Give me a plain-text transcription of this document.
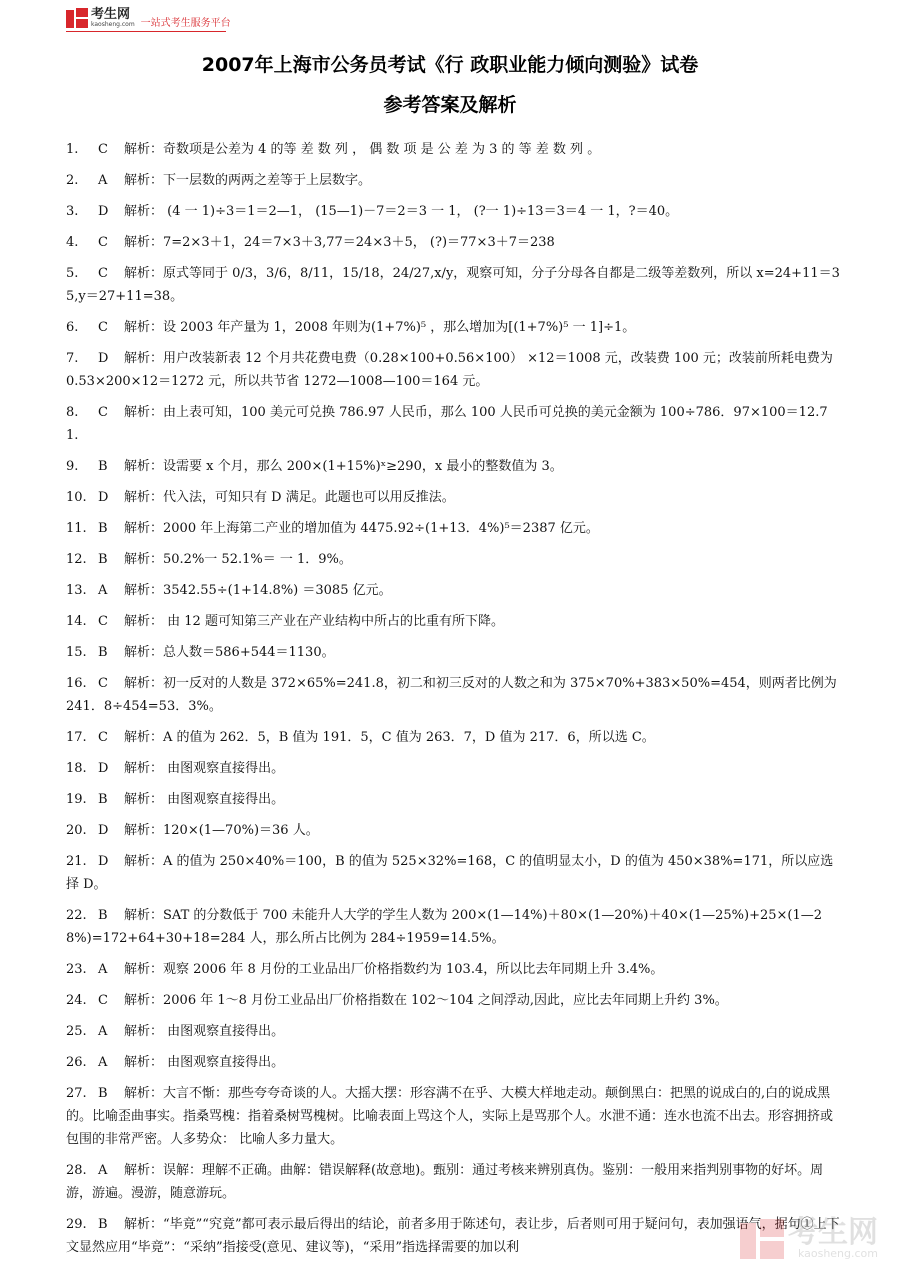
考生网
kaosheng.com 一站式考生服务平台
2007年上海市公务员考试《行 政职业能力倾向测验》试卷
参考答案及解析
1. C 解析：奇数项是公差为 4 的等 差 数 列 ， 偶 数 项 是 公 差 为 3 的 等 差 数 列 。
2. A 解析：下一层数的两两之差等于上层数字。
3. D 解析： (4 一 1)÷3＝1＝2—1， (15—1)－7＝2＝3 一 1， (?一 1)÷13＝3＝4 一 1，?＝40。
4. C 解析：7=2×3＋1，24＝7×3＋3,77＝24×3＋5， (?)＝77×3＋7＝238
5. C 解析：原式等同于 0/3，3/6，8/11，15/18，24/27,x/y，观察可知，分子分母各自都是二级等差数列，所以 x=24+11＝35,y＝27+11=38。
6. C 解析：设 2003 年产量为 1，2008 年则为(1+7%)⁵ ，那么增加为[(1+7%)⁵ 一 1]÷1。
7. D 解析：用户改装新表 12 个月共花费电费（0.28×100+0.56×100） ×12＝1008 元，改装费 100 元；改装前所耗电费为 0.53×200×12＝1272 元，所以共节省 1272—1008—100＝164 元。
8. C 解析：由上表可知，100 美元可兑换 786.97 人民币，那么 100 人民币可兑换的美元金额为 100÷786．97×100＝12.71.
9. B 解析：设需要 x 个月，那么 200×(1+15%)ˣ≥290，x 最小的整数值为 3。
10. D 解析：代入法，可知只有 D 满足。此题也可以用反推法。
11. B 解析：2000 年上海第二产业的增加值为 4475.92÷(1+13．4%)⁵＝2387 亿元。
12. B 解析：50.2%一 52.1%＝ 一 1．9%。
13. A 解析：3542.55÷(1+14.8%) ＝3085 亿元。
14. C 解析： 由 12 题可知第三产业在产业结构中所占的比重有所下降。
15. B 解析：总人数＝586+544＝1130。
16. C 解析：初一反对的人数是 372×65%=241.8，初二和初三反对的人数之和为 375×70%+383×50%=454，则两者比例为 241．8÷454=53．3%。
17. C 解析：A 的值为 262．5，B 值为 191．5，C 值为 263．7，D 值为 217．6，所以选 C。
18. D 解析： 由图观察直接得出。
19. B 解析： 由图观察直接得出。
20. D 解析：120×(1—70%)＝36 人。
21. D 解析：A 的值为 250×40%＝100，B 的值为 525×32%=168，C 的值明显太小，D 的值为 450×38%=171，所以应选择 D。
22. B 解析：SAT 的分数低于 700 未能升人大学的学生人数为 200×(1—14%)＋80×(1—20%)＋40×(1—25%)+25×(1—28%)=172+64+30+18=284 人，那么所占比例为 284÷1959=14.5%。
23. A 解析：观察 2006 年 8 月份的工业品出厂价格指数约为 103.4，所以比去年同期上升 3.4%。
24. C 解析：2006 年 1～8 月份工业品出厂价格指数在 102～104 之间浮动,因此，应比去年同期上升约 3%。
25. A 解析： 由图观察直接得出。
26. A 解析： 由图观察直接得出。
27. B 解析：大言不惭：那些夸夸奇谈的人。大摇大摆：形容满不在乎、大模大样地走动。颠倒黑白：把黑的说成白的,白的说成黑的。比喻歪曲事实。指桑骂槐：指着桑树骂槐树。比喻表面上骂这个人，实际上是骂那个人。水泄不通：连水也流不出去。形容拥挤或包围的非常严密。人多势众： 比喻人多力量大。
28. A 解析：误解：理解不正确。曲解：错误解释(故意地)。甄别：通过考核来辨别真伪。鉴别：一般用来指判别事物的好坏。周游，游遍。漫游，随意游玩。
29. B 解析：“毕竟”“究竟”都可表示最后得出的结论，前者多用于陈述句，表让步，后者则可用于疑问句，表加强语气，据句①上下文显然应用“毕竟”：“采纳”指接受(意见、建议等)，“采用”指选择需要的加以利	考生网
kaosheng.com
